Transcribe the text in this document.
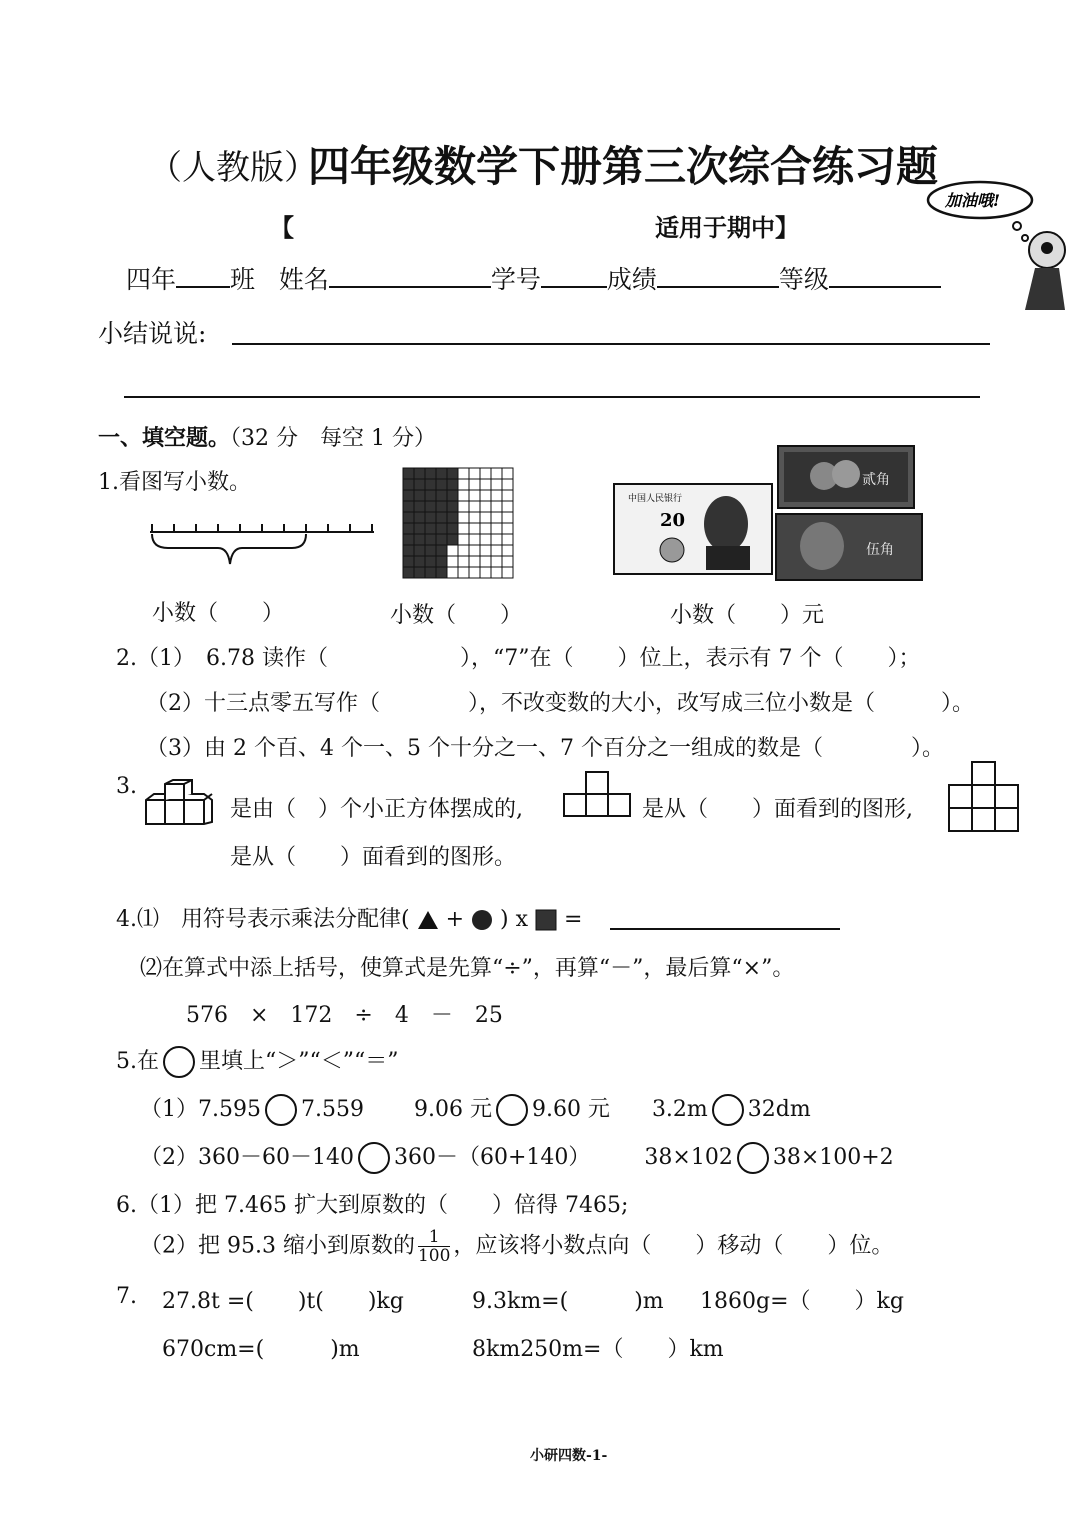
（人教版）
四年级数学下册第三次综合练习题
【	适用于期中】
加油哦!
四年 班 姓名	学号	成绩	等级
小结说说:
一、填空题。（32 分　每空 1 分）
1.看图写小数。	贰角
中国人民银行
20
伍角
小数（　　）	小数（　　）	小数（　　）元
2.（1）　6.78 读作（　　　　　　），“7”在（　　）位上，表示有 7 个（　　）；
（2）十三点零五写作（　　　　），不改变数的大小，改写成三位小数是（　　　）。
（3）由 2 个百、4 个一、5 个十分之一、7 个百分之一组成的数是（　　　　）。
3.
是由（　）个小正方体摆成的,	是从（　　）面看到的图形,
是从（　　）面看到的图形。
4.⑴　用符号表示乘法分配律( + ) x =
⑵在算式中添上括号，使算式是先算“÷”，再算“－”，最后算“×”。
576　×　172　÷　4　－　25
5.在 里填上“＞”“＜”“＝”
（1）7.595 7.559 9.06 元 9.60 元 3.2m 32dm
（2）360－60－140 360－（60+140） 38×102 38×100+2
6.（1）把 7.465 扩大到原数的（　　）倍得 7465;
（2）把 95.3 缩小到原数的 $\frac{1}{100}$ ，应该将小数点向（　　）移动（　　）位。
7. 27.8t =(　　)t(　　)kg	9.3km=(　　　)m 1860g=（　　）kg
670cm=(　　　)m	8km250m=（　　）km
小研四数-1-
